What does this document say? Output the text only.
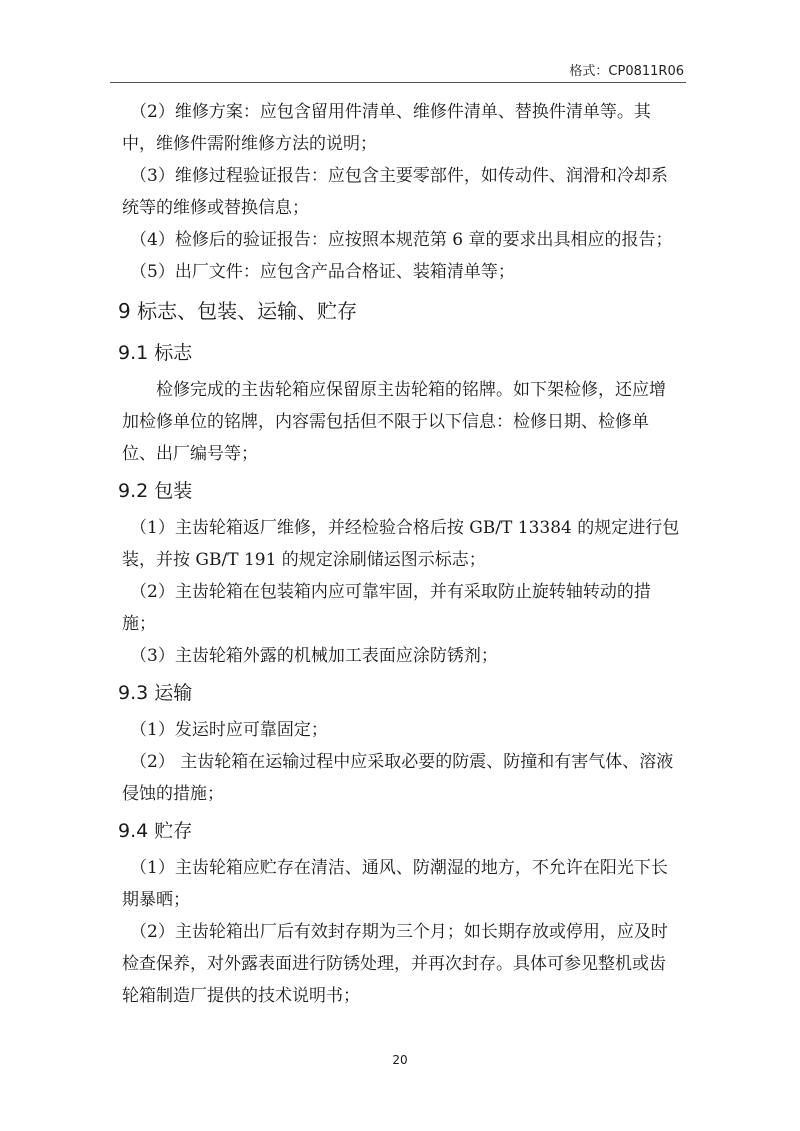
格式：CP0811R06

（2）维修方案：应包含留用件清单、维修件清单、替换件清单等。其中，维修件需附维修方法的说明；

（3）维修过程验证报告：应包含主要零部件，如传动件、润滑和冷却系统等的维修或替换信息；

（4）检修后的验证报告：应按照本规范第 6 章的要求出具相应的报告；

（5）出厂文件：应包含产品合格证、装箱清单等；

9 标志、包装、运输、贮存
9.1 标志

检修完成的主齿轮箱应保留原主齿轮箱的铭牌。如下架检修，还应增加检修单位的铭牌，内容需包括但不限于以下信息：检修日期、检修单位、出厂编号等；

9.2 包装

（1）主齿轮箱返厂维修，并经检验合格后按 GB/T 13384 的规定进行包装，并按 GB/T 191 的规定涂刷储运图示标志；

（2）主齿轮箱在包装箱内应可靠牢固，并有采取防止旋转轴转动的措施；

（3）主齿轮箱外露的机械加工表面应涂防锈剂；

9.3 运输

（1）发运时应可靠固定；

（2） 主齿轮箱在运输过程中应采取必要的防震、防撞和有害气体、溶液侵蚀的措施；

9.4 贮存

（1）主齿轮箱应贮存在清洁、通风、防潮湿的地方，不允许在阳光下长期暴晒；

（2）主齿轮箱出厂后有效封存期为三个月；如长期存放或停用，应及时检查保养，对外露表面进行防锈处理，并再次封存。具体可参见整机或齿轮箱制造厂提供的技术说明书；

20
